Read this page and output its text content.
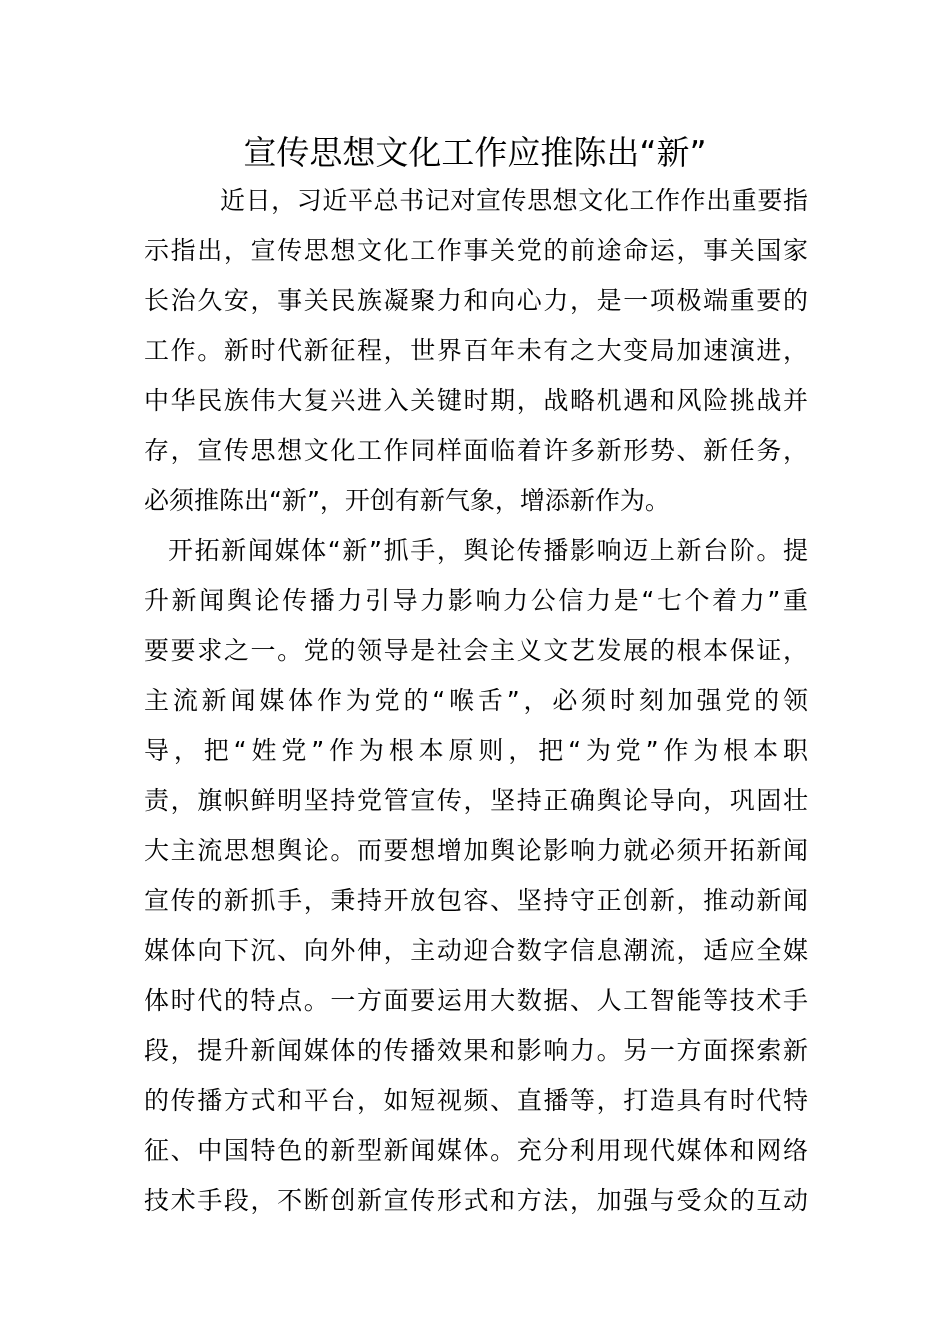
宣传思想文化工作应推陈出“新”
近日，习近平总书记对宣传思想文化工作作出重要指
示指出，宣传思想文化工作事关党的前途命运，事关国家
长治久安，事关民族凝聚力和向心力，是一项极端重要的
工作。新时代新征程，世界百年未有之大变局加速演进，
中华民族伟大复兴进入关键时期，战略机遇和风险挑战并
存，宣传思想文化工作同样面临着许多新形势、新任务，
必须推陈出“新”，开创有新气象，增添新作为。
开拓新闻媒体“新”抓手，舆论传播影响迈上新台阶。提
升新闻舆论传播力引导力影响力公信力是“七个着力”重
要要求之一。党的领导是社会主义文艺发展的根本保证，
主流新闻媒体作为党的“喉舌”，必须时刻加强党的领
导，把“姓党”作为根本原则，把“为党”作为根本职
责，旗帜鲜明坚持党管宣传，坚持正确舆论导向，巩固壮
大主流思想舆论。而要想增加舆论影响力就必须开拓新闻
宣传的新抓手，秉持开放包容、坚持守正创新，推动新闻
媒体向下沉、向外伸，主动迎合数字信息潮流，适应全媒
体时代的特点。一方面要运用大数据、人工智能等技术手
段，提升新闻媒体的传播效果和影响力。另一方面探索新
的传播方式和平台，如短视频、直播等，打造具有时代特
征、中国特色的新型新闻媒体。充分利用现代媒体和网络
技术手段，不断创新宣传形式和方法，加强与受众的互动
